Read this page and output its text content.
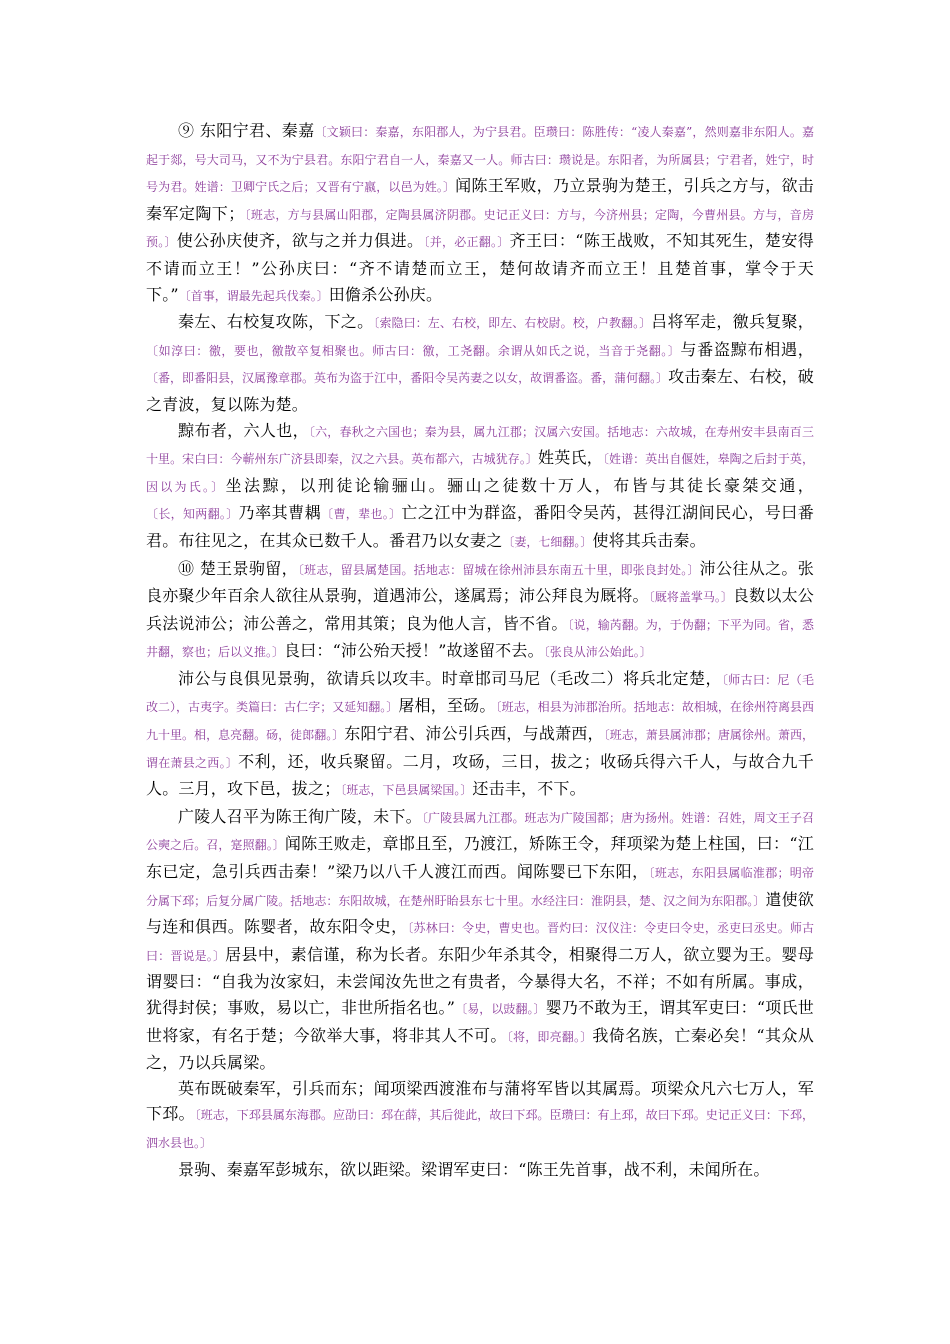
⑨ 东阳宁君、秦嘉〔文颖曰：秦嘉，东阳郡人，为宁县君。臣瓒曰：陈胜传：“凌人秦嘉”，然则嘉非东阳人。嘉起于郯，号大司马，又不为宁县君。东阳宁君自一人，秦嘉又一人。师古曰：瓒说是。东阳者，为所属县；宁君者，姓宁，时号为君。姓谱：卫卿宁氏之后；又晋有宁嬴，以邑为姓。〕闻陈王军败，乃立景驹为楚王，引兵之方与，欲击秦军定陶下；〔班志，方与县属山阳郡，定陶县属济阴郡。史记正义曰：方与，今济州县；定陶，今曹州县。方与，音房预。〕使公孙庆使齐，欲与之并力俱进。〔并，必正翻。〕齐王曰：“陈王战败，不知其死生，楚安得不请而立王！”公孙庆曰：“齐不请楚而立王，楚何故请齐而立王！且楚首事，掌令于天下。”〔首事，谓最先起兵伐秦。〕田儋杀公孙庆。

秦左、右校复攻陈，下之。〔索隐曰：左、右校，即左、右校尉。校，户教翻。〕吕将军走，徼兵复聚，〔如淳曰：徼，要也，徼散卒复相聚也。师古曰：徼，工尧翻。余谓从如氏之说，当音于尧翻。〕与番盗黥布相遇，〔番，即番阳县，汉属豫章郡。英布为盗于江中，番阳令吴芮妻之以女，故谓番盗。番，蒲何翻。〕攻击秦左、右校，破之青波，复以陈为楚。

黥布者，六人也，〔六，春秋之六国也；秦为县，属九江郡；汉属六安国。括地志：六故城，在寿州安丰县南百三十里。宋白曰：今蕲州东广济县即秦，汉之六县。英布都六，古城犹存。〕姓英氏，〔姓谱：英出自偃姓，皋陶之后封于英，因以为氏。〕坐法黥，以刑徒论输骊山。骊山之徒数十万人，布皆与其徒长豪桀交通，〔长，知两翻。〕乃率其曹耦〔曹，辈也。〕亡之江中为群盗，番阳令吴芮，甚得江湖间民心，号曰番君。布往见之，在其众已数千人。番君乃以女妻之〔妻，七细翻。〕使将其兵击秦。

⑩ 楚王景驹留，〔班志，留县属楚国。括地志：留城在徐州沛县东南五十里，即张良封处。〕沛公往从之。张良亦聚少年百余人欲往从景驹，道遇沛公，遂属焉；沛公拜良为厩将。〔厩将盖掌马。〕良数以太公兵法说沛公；沛公善之，常用其策；良为他人言，皆不省。〔说，输芮翻。为，于伪翻；下平为同。省，悉井翻，察也；后以义推。〕良曰：“沛公殆天授！”故遂留不去。〔张良从沛公始此。〕

沛公与良俱见景驹，欲请兵以攻丰。时章邯司马尼（毛改二）将兵北定楚，〔师古曰：尼（毛改二），古夷字。类篇曰：古仁字；又延知翻。〕屠相，至砀。〔班志，相县为沛郡治所。括地志：故相城，在徐州符离县西九十里。相，息亮翻。砀，徒郎翻。〕东阳宁君、沛公引兵西，与战萧西，〔班志，萧县属沛郡；唐属徐州。萧西，谓在萧县之西。〕不利，还，收兵聚留。二月，攻砀，三日，拔之；收砀兵得六千人，与故合九千人。三月，攻下邑，拔之；〔班志，下邑县属梁国。〕还击丰，不下。

广陵人召平为陈王徇广陵，未下。〔广陵县属九江郡。班志为广陵国都；唐为扬州。姓谱：召姓，周文王子召公奭之后。召，寔照翻。〕闻陈王败走，章邯且至，乃渡江，矫陈王令，拜项梁为楚上柱国，曰：“江东已定，急引兵西击秦！”梁乃以八千人渡江而西。闻陈婴已下东阳，〔班志，东阳县属临淮郡；明帝分属下邳；后复分属广陵。括地志：东阳故城，在楚州盱眙县东七十里。水经注曰：淮阴县，楚、汉之间为东阳郡。〕遣使欲与连和俱西。陈婴者，故东阳令史，〔苏林曰：令史，曹史也。晋灼曰：汉仪注：令吏曰令史，丞吏曰丞史。师古曰：晋说是。〕居县中，素信谨，称为长者。东阳少年杀其令，相聚得二万人，欲立婴为王。婴母谓婴曰：“自我为汝家妇，未尝闻汝先世之有贵者，今暴得大名，不祥；不如有所属。事成，犹得封侯；事败，易以亡，非世所指名也。”〔易，以豉翻。〕婴乃不敢为王，谓其军吏曰：“项氏世世将家，有名于楚；今欲举大事，将非其人不可。〔将，即亮翻。〕我倚名族，亡秦必矣！“其众从之，乃以兵属梁。

英布既破秦军，引兵而东；闻项梁西渡淮布与蒲将军皆以其属焉。项梁众凡六七万人，军下邳。〔班志，下邳县属东海郡。应劭曰：邳在薛，其后徙此，故曰下邳。臣瓒曰：有上邳，故曰下邳。史记正义曰：下邳，泗水县也。〕

景驹、秦嘉军彭城东，欲以距梁。梁谓军吏曰：“陈王先首事，战不利，未闻所在。
